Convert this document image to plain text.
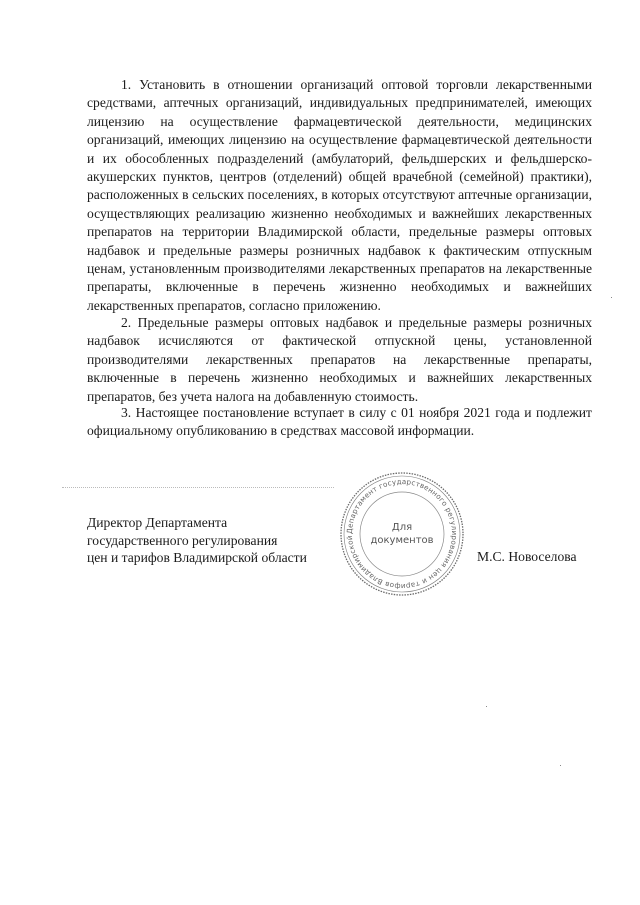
1. Установить в отношении организаций оптовой торговли лекарственными средствами, аптечных организаций, индивидуальных предпринимателей, имеющих лицензию на осуществление фармацевтической деятельности, медицинских организаций, имеющих лицензию на осуществление фармацевтической деятельности и их обособленных подразделений (амбулаторий, фельдшерских и фельдшерско-акушерских пунктов, центров (отделений) общей врачебной (семейной) практики), расположенных в сельских поселениях, в которых отсутствуют аптечные организации, осуществляющих реализацию жизненно необходимых и важнейших лекарственных препаратов на территории Владимирской области, предельные размеры оптовых надбавок и предельные размеры розничных надбавок к фактическим отпускным ценам, установленным производителями лекарственных препаратов на лекарственные препараты, включенные в перечень жизненно необходимых и важнейших лекарственных препаратов, согласно приложению.

2. Предельные размеры оптовых надбавок и предельные размеры розничных надбавок исчисляются от фактической отпускной цены, установленной производителями лекарственных препаратов на лекарственные препараты, включенные в перечень жизненно необходимых и важнейших лекарственных препаратов, без учета налога на добавленную стоимость.

3. Настоящее постановление вступает в силу с 01 ноября 2021 года и подлежит официальному опубликованию в средствах массовой информации.

Директор Департамента
государственного регулирования
цен и тарифов Владимирской области
Департамент государственного регулирования цен и тарифов Владимирской области *
Для
документов
М.С. Новоселова
